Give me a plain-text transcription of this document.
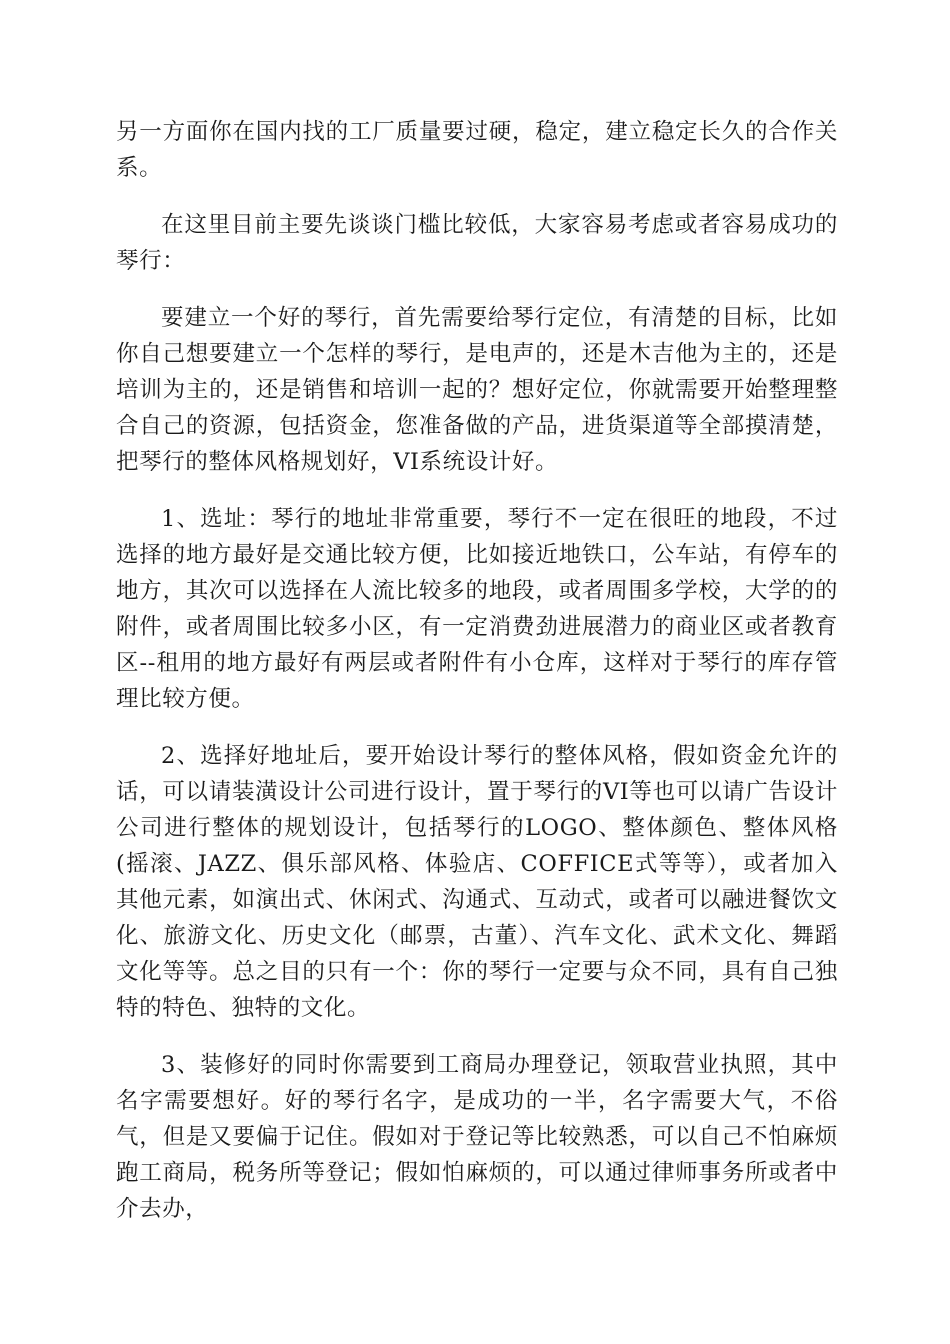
另一方面你在国内找的工厂质量要过硬，稳定，建立稳定长久的合作关系。

在这里目前主要先谈谈门槛比较低，大家容易考虑或者容易成功的琴行：

要建立一个好的琴行，首先需要给琴行定位，有清楚的目标，比如你自己想要建立一个怎样的琴行，是电声的，还是木吉他为主的，还是培训为主的，还是销售和培训一起的？想好定位，你就需要开始整理整合自己的资源，包括资金，您准备做的产品，进货渠道等全部摸清楚，把琴行的整体风格规划好，VI系统设计好。

1、选址：琴行的地址非常重要，琴行不一定在很旺的地段，不过选择的地方最好是交通比较方便，比如接近地铁口，公车站，有停车的地方，其次可以选择在人流比较多的地段，或者周围多学校，大学的的附件，或者周围比较多小区，有一定消费劲进展潜力的商业区或者教育区--租用的地方最好有两层或者附件有小仓库，这样对于琴行的库存管理比较方便。

2、选择好地址后，要开始设计琴行的整体风格，假如资金允许的话，可以请装潢设计公司进行设计，置于琴行的VI等也可以请广告设计公司进行整体的规划设计，包括琴行的LOGO、整体颜色、整体风格(摇滚、JAZZ、俱乐部风格、体验店、COFFICE式等等），或者加入其他元素，如演出式、休闲式、沟通式、互动式，或者可以融进餐饮文化、旅游文化、历史文化（邮票，古董）、汽车文化、武术文化、舞蹈文化等等。总之目的只有一个：你的琴行一定要与众不同，具有自己独特的特色、独特的文化。

3、装修好的同时你需要到工商局办理登记，领取营业执照，其中名字需要想好。好的琴行名字，是成功的一半，名字需要大气，不俗气，但是又要偏于记住。假如对于登记等比较熟悉，可以自己不怕麻烦跑工商局，税务所等登记；假如怕麻烦的，可以通过律师事务所或者中介去办，
